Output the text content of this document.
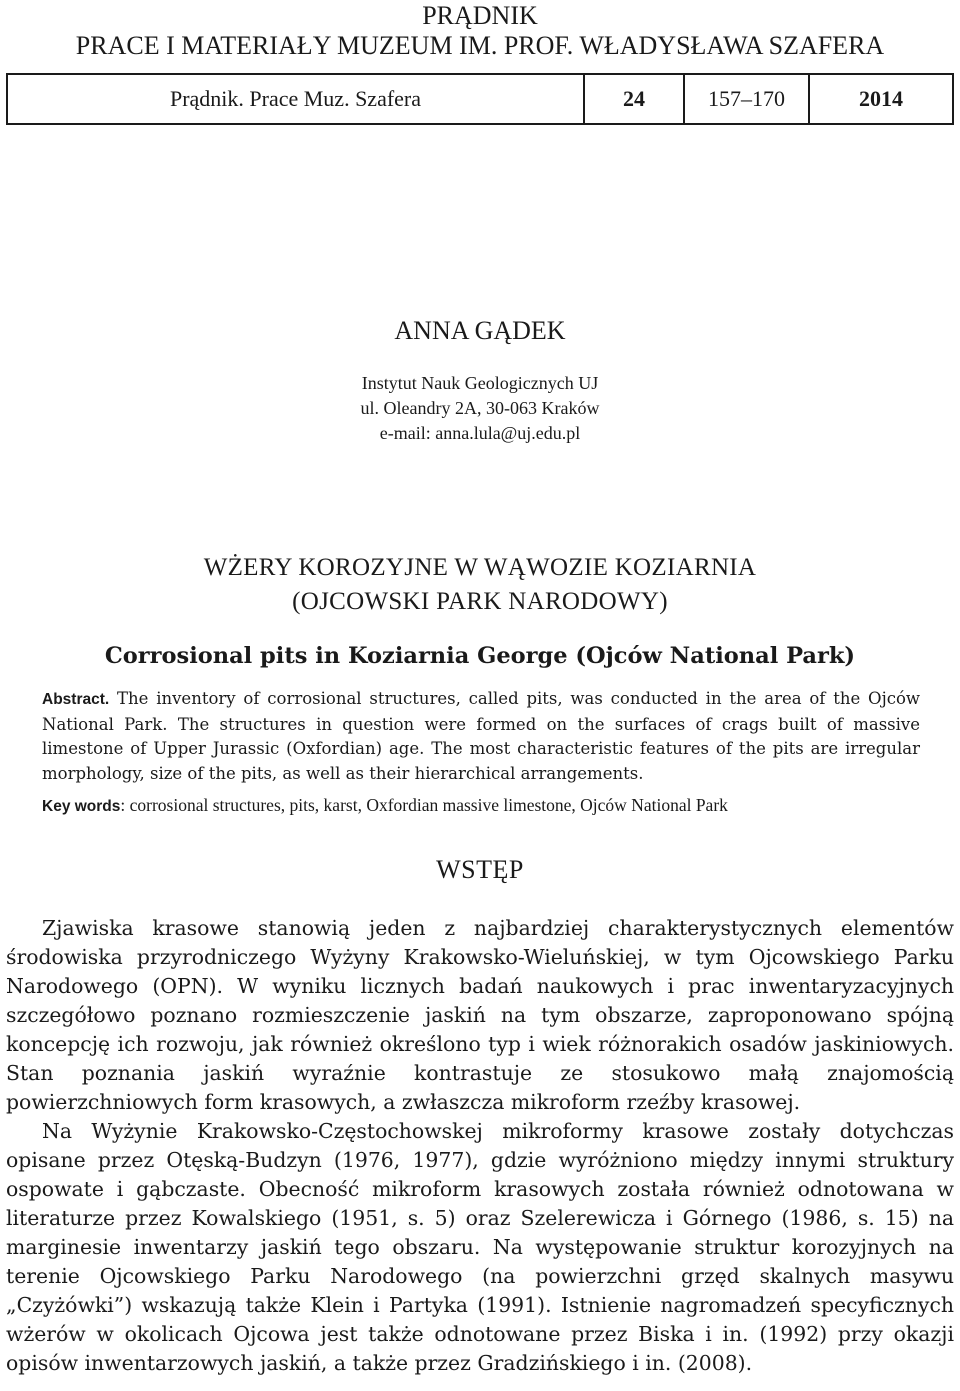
PRĄDNIK
PRACE I MATERIAŁY MUZEUM IM. PROF. WŁADYSŁAWA SZAFERA
Prądnik. Prace Muz. Szafera	24	157–170	2014
ANNA GĄDEK
Instytut Nauk Geologicznych UJ
ul. Oleandry 2A, 30-063 Kraków
e-mail: anna.lula@uj.edu.pl
WŻERY KOROZYJNE W WĄWOZIE KOZIARNIA
(OJCOWSKI PARK NARODOWY)
Corrosional pits in Koziarnia George (Ojców National Park)
Abstract. The inventory of corrosional structures, called pits, was conducted in the area of the Ojców National Park. The structures in question were formed on the surfaces of crags built of massive limestone of Upper Jurassic (Oxfordian) age. The most characteristic features of the pits are irregular morphology, size of the pits, as well as their hierarchical arrangements.
Key words: corrosional structures, pits, karst, Oxfordian massive limestone, Ojców National Park
WSTĘP

Zjawiska krasowe stanowią jeden z najbardziej charakterystycznych elementów środowiska przyrodniczego Wyżyny Krakowsko-Wieluńskiej, w tym Ojcowskiego Parku Narodowego (OPN). W wyniku licznych badań naukowych i prac inwentaryzacyjnych szczegółowo poznano rozmieszczenie jaskiń na tym obszarze, zaproponowano spójną koncepcję ich rozwoju, jak również określono typ i wiek różnorakich osadów jaskiniowych. Stan poznania jaskiń wyraźnie kontrastuje ze stosukowo małą znajomością powierzchniowych form krasowych, a zwłaszcza mikroform rzeźby krasowej.

Na Wyżynie Krakowsko-Częstochowskej mikroformy krasowe zostały dotychczas opisane przez Otęską-Budzyn (1976, 1977), gdzie wyróżniono między innymi struktury ospowate i gąbczaste. Obecność mikroform krasowych została również odnotowana w literaturze przez Kowalskiego (1951, s. 5) oraz Szelerewicza i Górnego (1986, s. 15) na marginesie inwentarzy jaskiń tego obszaru. Na występowanie struktur korozyjnych na terenie Ojcowskiego Parku Narodowego (na powierzchni grzęd skalnych masywu „Czyżówki”) wskazują także Klein i Partyka (1991). Istnienie nagromadzeń specyficznych wżerów w okolicach Ojcowa jest także odnotowane przez Biska i in. (1992) przy okazji opisów inwentarzowych jaskiń, a także przez Gradzińskiego i in. (2008).
